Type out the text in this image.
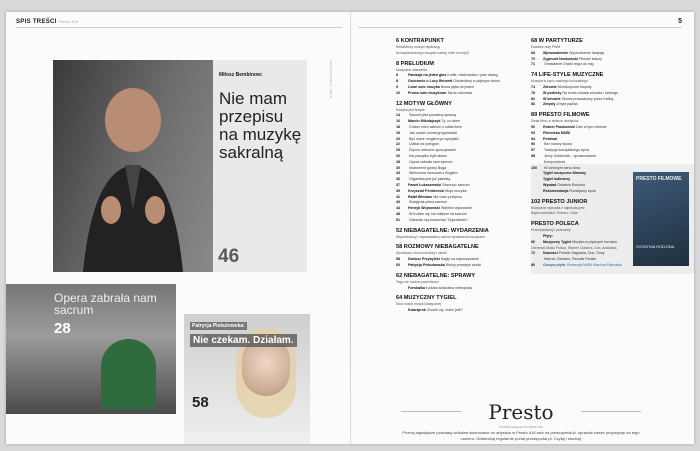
SPIS TREŚCI Presto #16	5
Miłosz Bembinow:
Nie mam przepisu na muzykę sakralną
46
www.prestoportal.pl · zdjęcia
Opera zabrała nam sacrum
28	Patrycja Piekutowska:
Nie czekam. Działam.
58
6 KONTRAPUNKT
Redaktorzy muzyki dyskutują
Ile współczesnego muzyka należy mieć w mojej?
8 PRELUDIUM
Muzyczne zdarzenia
8	Fantazja na jeden głos Kodłe, mistrzostwo i pani dialog
8	Gościnnie u Lucy Bennett Odwiedziny w pięknym domu
9	Lowe solo muzyka Nowa płyta na jesień
10 Prowo solo muzykowe Tarna rozmowa
12 MOTYW GŁÓWNY
Muzyka jest święta
14	Sacrum jest poważną sprawą
16 Marcin Mikołajczyk Ty, co wiem
18	Chcieć mieć sakrum z oddechem
19	Jak czytać chorał gregoriański
20	Być może mogłem go wymyślić
22	Udział na polegam
25	Daj mu wieczne spoczywanie
26	Na początku było słowo
28	Opera zabrała nam sacrum
30	Instrument godny Boga
34	Wieczorna rozmowa z Bogiem
36	Organista jest już pianistą
37 Paweł Łukaszewski Stworzyć sacrum
39 Krzysztof Penderecki Moja muzyka
42 Rafał Wiecław Nie mam przepisu
43	Świątynia pełna sacrum
44 Henryk Wojnowski Wybitne wykonanie
48	W trudzie się ma miejsce na sacrum
51	Gwiazda czy kostucha? Odpowiedź?
52 NIEBAGATELNE: WYDARZENIA
Wspominamy i zapowiadamy ważne wydarzenia muzyczne
58 ROZMOWY NIEBAGATELNE
Spotkania z ludźmi kultury i sztuki
58 Dariusz Przybylski Nagły na odpoczywanie
60 Patrycja Piekutowska Wolny przepływ sztuki
62 NIEBAGATELNE: SPRAWY
Tego nie można przemilczeć
Fzeskalka Łódzka kulturalna metropolia
64 MUZYCZNY TYGIEL
Słów wokół muzyki klasycznej
Kwartprok Chodzi cię, łóżko jest?
68 W PARTYTURZE
Dodatek nuty PWM
68 Wprowadzenie Wychodzenie tradycja
70 Zygmunt Noskowski Pieśnie staczy
71	Omawianie Orarki reguł do mig
74 LIFE-STYLE MUZYCZNE
Muzyka w życiu naszego kulturalnego
74 Zdrowie Monitoryczne kłopoty
78 W podróży Na końcu świata zdrowia i dobrego
82 W kinowie Serwis prowadzony przez Kalinę
86 Zmysły Zmysł piękna
89 PRESTO FILMOWE
Świat filmu w świecie dźwięków
90 Robert Piaskowski Dziś w tym mieście
93 Filmoteka MUBI
94 Festiwal
96	Bez twarzy słowa
97 Tradycja szczęśliwego życia
98	Jerzy Goldsmith – sprawozdanie
Kompozytora
100 W ciemnym sercu kina
Tygiel muzyczno-filmowy
Tygiel kulinarny
Wywiad Ostatnia Rodzina
Rekomendacja Rozwijamy życie
102 PRESTO JUNIOR
Muzyczne rapsodia z najmłodszymi
Bajka kalendarz: Romeo i Julia
PRESTO POLECA
Przeczytaliśmy i polecamy
Płyty:
66 Muzyczny Tygiel Muzyka w pięknych formach
Universal Music Polska, Warner Classics, Dux, Anaklasis
72 Nowości Polskie Nagrania, Dux, Sony
Warner Classics, Paradis Feriale
80 Gorąca płyta: Recenzja MUBI Marcina Patrzałka
PRESTO FILMOWE
OSTATNIA RODZINA
Presto
POLSKI MAGAZYN O MUZYCE
Poznaj największe podcasty wokalne skierowane do artystów w Presto #16 weź na prestoportal.pl, sprawdź nasze propozycje do tego numeru. Odwiedzaj regularnie portal prestoportal.pl. Czytaj i słuchaj!
